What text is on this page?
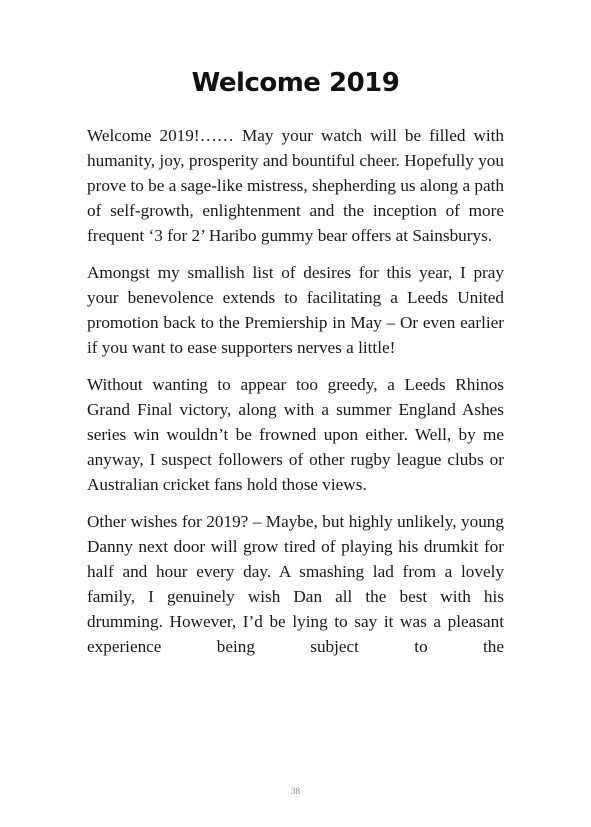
Welcome 2019

Welcome 2019!…… May your watch will be filled with humanity, joy, prosperity and bountiful cheer. Hopefully you prove to be a sage-like mistress, shepherding us along a path of self-growth, enlightenment and the inception of more frequent ‘3 for 2’ Haribo gummy bear offers at Sainsburys.

Amongst my smallish list of desires for this year, I pray your benevolence extends to facilitating a Leeds United promotion back to the Premiership in May – Or even earlier if you want to ease supporters nerves a little!

Without wanting to appear too greedy, a Leeds Rhinos Grand Final victory, along with a summer England Ashes series win wouldn’t be frowned upon either. Well, by me anyway, I suspect followers of other rugby league clubs or Australian cricket fans hold those views.

Other wishes for 2019? – Maybe, but highly unlikely, young Danny next door will grow tired of playing his drumkit for half and hour every day. A smashing lad from a lovely family, I genuinely wish Dan all the best with his drumming. However, I’d be lying to say it was a pleasant experience being subject to the

38
